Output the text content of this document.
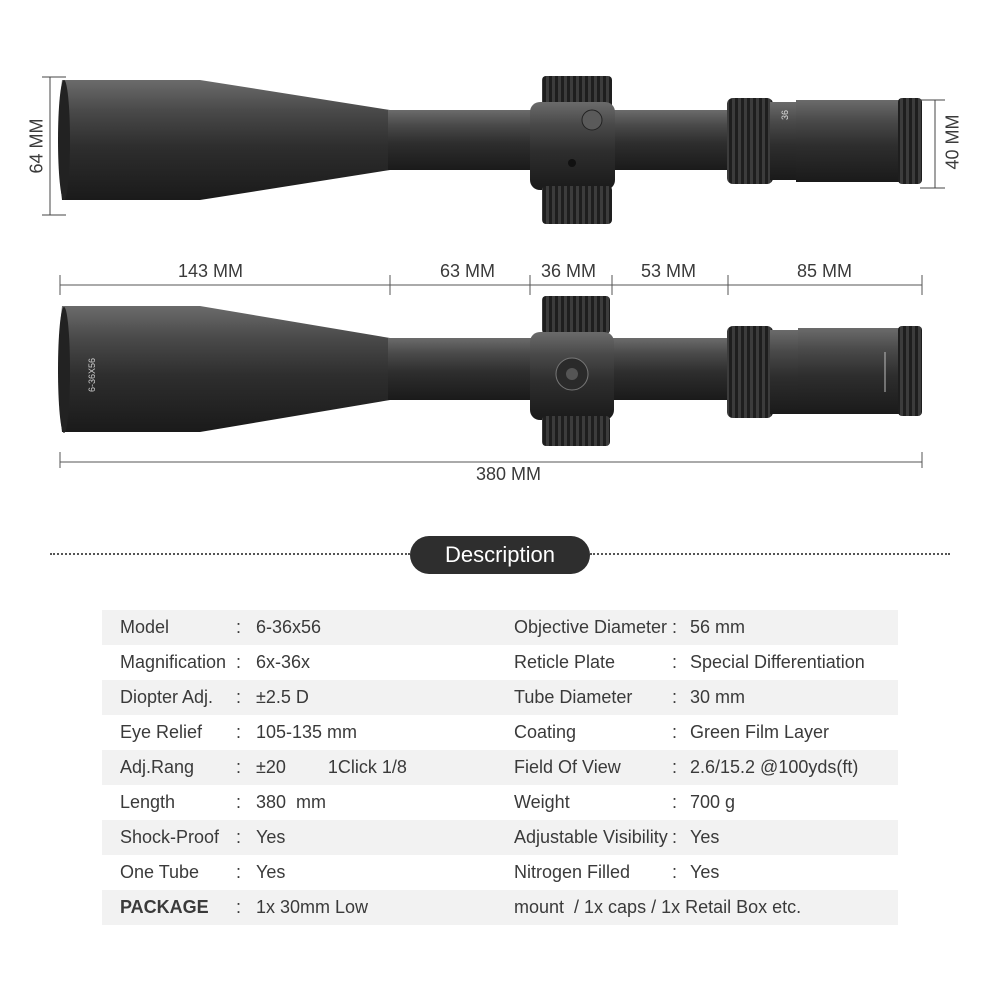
36
64 MM	40 MM
143 MM	63 MM	36 MM 53 MM	85 MM
6-36X56
380 MM
Description
Model	:	6-36x56	Objective Diameter	:	56 mm
Magnification	:	6x-36x	Reticle Plate	:	Special Differentiation
Diopter Adj.	:	±2.5 D	Tube Diameter	:	30 mm
Eye Relief	:	105-135 mm	Coating	:	Green Film Layer
Adj.Rang	:	±20 1Click 1/8	Field Of View	:	2.6/15.2 @100yds(ft)
Length	:	380  mm	Weight	:	700 g
Shock-Proof	:	Yes	Adjustable Visibility	:	Yes
One Tube	:	Yes	Nitrogen Filled	:	Yes
PACKAGE	:	1x 30mm Low	mount  / 1x caps / 1x Retail Box etc.		
